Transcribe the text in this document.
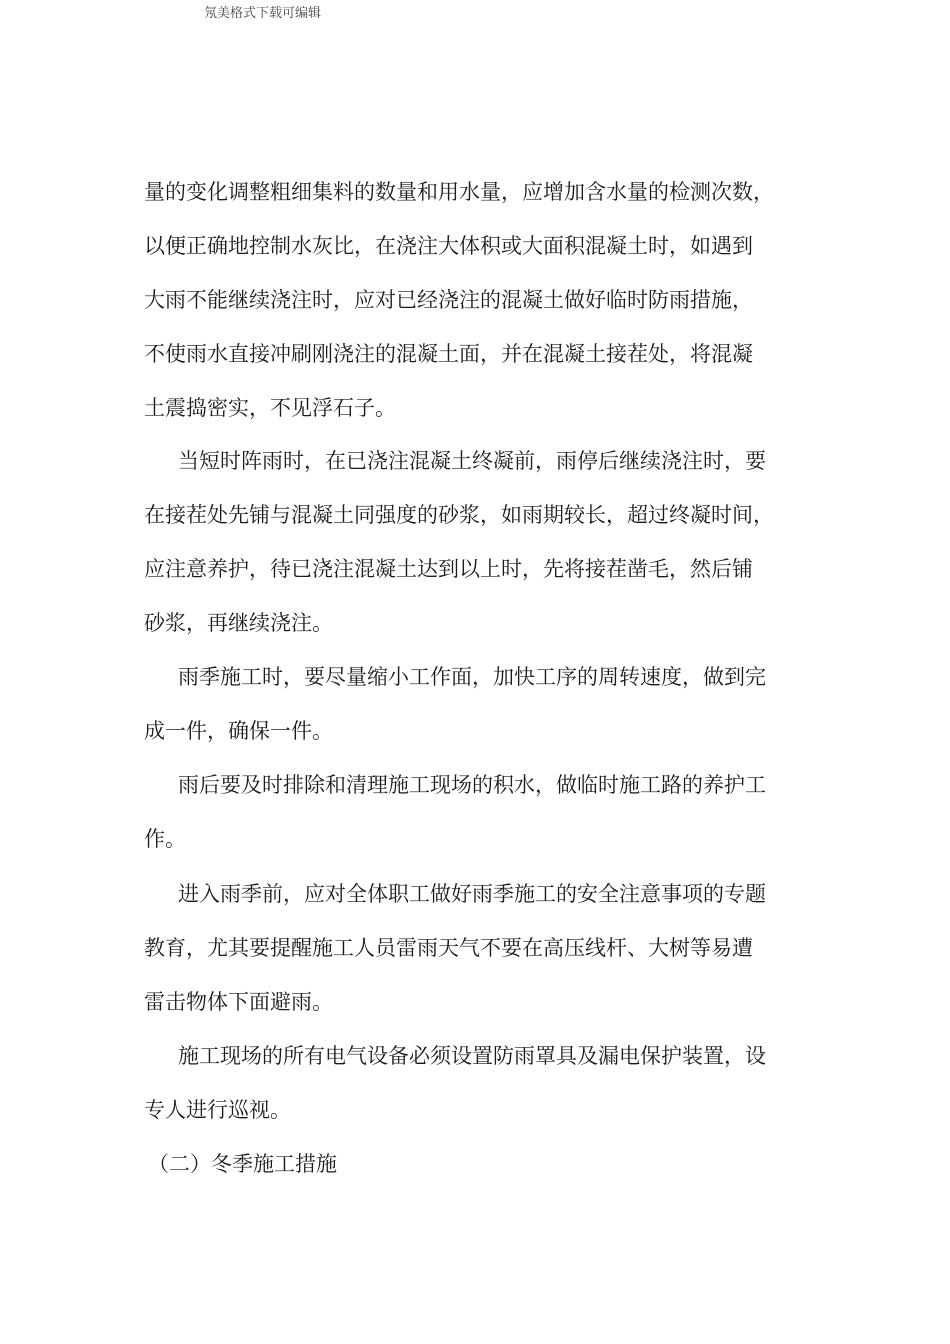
氖美格式下载可编辑
量的变化调整粗细集料的数量和用水量，应增加含水量的检测次数，
以便正确地控制水灰比，在浇注大体积或大面积混凝土时，如遇到
大雨不能继续浇注时，应对已经浇注的混凝土做好临时防雨措施，
不使雨水直接冲刷刚浇注的混凝土面，并在混凝土接茬处，将混凝
土震捣密实，不见浮石子。
当短时阵雨时，在已浇注混凝土终凝前，雨停后继续浇注时，要
在接茬处先铺与混凝土同强度的砂浆，如雨期较长，超过终凝时间，
应注意养护，待已浇注混凝土达到以上时，先将接茬凿毛，然后铺
砂浆，再继续浇注。
雨季施工时，要尽量缩小工作面，加快工序的周转速度，做到完
成一件，确保一件。
雨后要及时排除和清理施工现场的积水，做临时施工路的养护工
作。
进入雨季前，应对全体职工做好雨季施工的安全注意事项的专题
教育，尤其要提醒施工人员雷雨天气不要在高压线杆、大树等易遭
雷击物体下面避雨。
施工现场的所有电气设备必须设置防雨罩具及漏电保护装置，设
专人进行巡视。
（二）冬季施工措施
